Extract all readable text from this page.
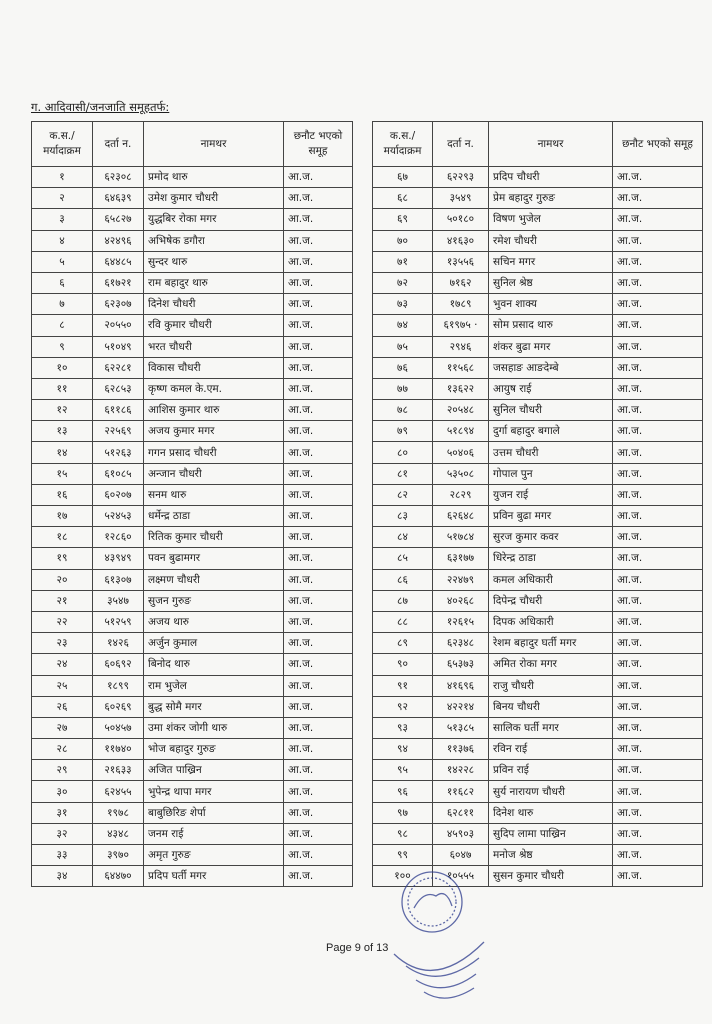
ग. आदिवासी/जनजाति समूहतर्फ:
क.स./ मर्यादाक्रम	दर्ता न.	नामथर	छनौट भएको समूह
१	६२३०८	प्रमोद थारु	आ.ज.
२	६४६३९	उमेश कुमार चौधरी	आ.ज.
३	६५८२७	युद्धबिर रोका मगर	आ.ज.
४	४२४९६	अभिषेक डगौरा	आ.ज.
५	६४४८५	सुन्दर थारु	आ.ज.
६	६१७२१	राम बहादुर थारु	आ.ज.
७	६२३०७	दिनेश चौधरी	आ.ज.
८	२०५५०	रवि कुमार चौधरी	आ.ज.
९	५१०४९	भरत चौधरी	आ.ज.
१०	६२२८१	विकास चौधरी	आ.ज.
११	६२८५३	कृष्ण कमल के.एम.	आ.ज.
१२	६११८६	आशिस कुमार थारु	आ.ज.
१३	२२५६९	अजय कुमार मगर	आ.ज.
१४	५१२६३	गगन प्रसाद चौधरी	आ.ज.
१५	६१०८५	अन्जान चौधरी	आ.ज.
१६	६०२०७	सनम थारु	आ.ज.
१७	५२४५३	धर्मेन्द्र ठाडा	आ.ज.
१८	१२८६०	रितिक कुमार चौधरी	आ.ज.
१९	४३९४९	पवन बुढामगर	आ.ज.
२०	६१३०७	लक्ष्मण चौधरी	आ.ज.
२१	३५४७	सुजन गुरुङ	आ.ज.
२२	५१२५९	अजय थारु	आ.ज.
२३	१४२६	अर्जुन कुमाल	आ.ज.
२४	६०६९२	बिनोद थारु	आ.ज.
२५	१८९९	राम भुजेल	आ.ज.
२६	६०२६९	बुद्ध सोमै मगर	आ.ज.
२७	५०४५७	उमा शंकर जोगी थारु	आ.ज.
२८	११७४०	भोज बहादुर गुरुङ	आ.ज.
२९	२१६३३	अजित पाख्रिन	आ.ज.
३०	६२४५५	भुपेन्द्र थापा मगर	आ.ज.
३१	१९७८	बाबुछिरिङ शेर्पा	आ.ज.
३२	४३४८	जनम राई	आ.ज.
३३	३९७०	अमृत गुरुङ	आ.ज.
३४	६४४७०	प्रदिप घर्ती मगर	आ.ज.
क.स./ मर्यादाक्रम	दर्ता न.	नामथर	छनौट भएको समूह
६७	६२२९३	प्रदिप चौधरी	आ.ज.
६८	३५४९	प्रेम बहादुर गुरुङ	आ.ज.
६९	५०१८०	विषण भुजेल	आ.ज.
७०	४१६३०	रमेश चौधरी	आ.ज.
७१	१३५५६	सचिन मगर	आ.ज.
७२	७१६२	सुनिल श्रेष्ठ	आ.ज.
७३	१७८९	भुवन शाक्य	आ.ज.
७४	६१९७५ ·	सोम प्रसाद थारु	आ.ज.
७५	२९४६	शंकर बुढा मगर	आ.ज.
७६	११५६८	जसहाङ आङदेम्बे	आ.ज.
७७	१३६२२	आयुष राई	आ.ज.
७८	२०५४८	सुनिल चौधरी	आ.ज.
७९	५१८९४	दुर्गा बहादुर बगाले	आ.ज.
८०	५०४०६	उत्तम चौधरी	आ.ज.
८१	५३५०८	गोपाल पुन	आ.ज.
८२	२८२९	युजन राई	आ.ज.
८३	६२६४८	प्रविन बुढा मगर	आ.ज.
८४	५१७८४	सुरज कुमार कवर	आ.ज.
८५	६३१७७	धिरेन्द्र ठाडा	आ.ज.
८६	२२४७९	कमल अधिकारी	आ.ज.
८७	४०२६८	दिपेन्द्र चौधरी	आ.ज.
८८	१२६१५	दिपक अधिकारी	आ.ज.
८९	६२३४८	रेशम बहादुर घर्ती मगर	आ.ज.
९०	६५३७३	अमित रोका मगर	आ.ज.
९१	४१६९६	राजु चौधरी	आ.ज.
९२	४२२१४	बिनय चौधरी	आ.ज.
९३	५१३८५	सालिक घर्ती मगर	आ.ज.
९४	११३७६	रविन राई	आ.ज.
९५	१४२२८	प्रविन राई	आ.ज.
९६	११६८२	सुर्य नारायण चौधरी	आ.ज.
९७	६२८११	दिनेश थारु	आ.ज.
९८	४५९०३	सुदिप लामा पाख्रिन	आ.ज.
९९	६०४७	मनोज श्रेष्ठ	आ.ज.
१००	१०५५५	सुसन कुमार चौधरी	आ.ज.
Page 9 of 13
